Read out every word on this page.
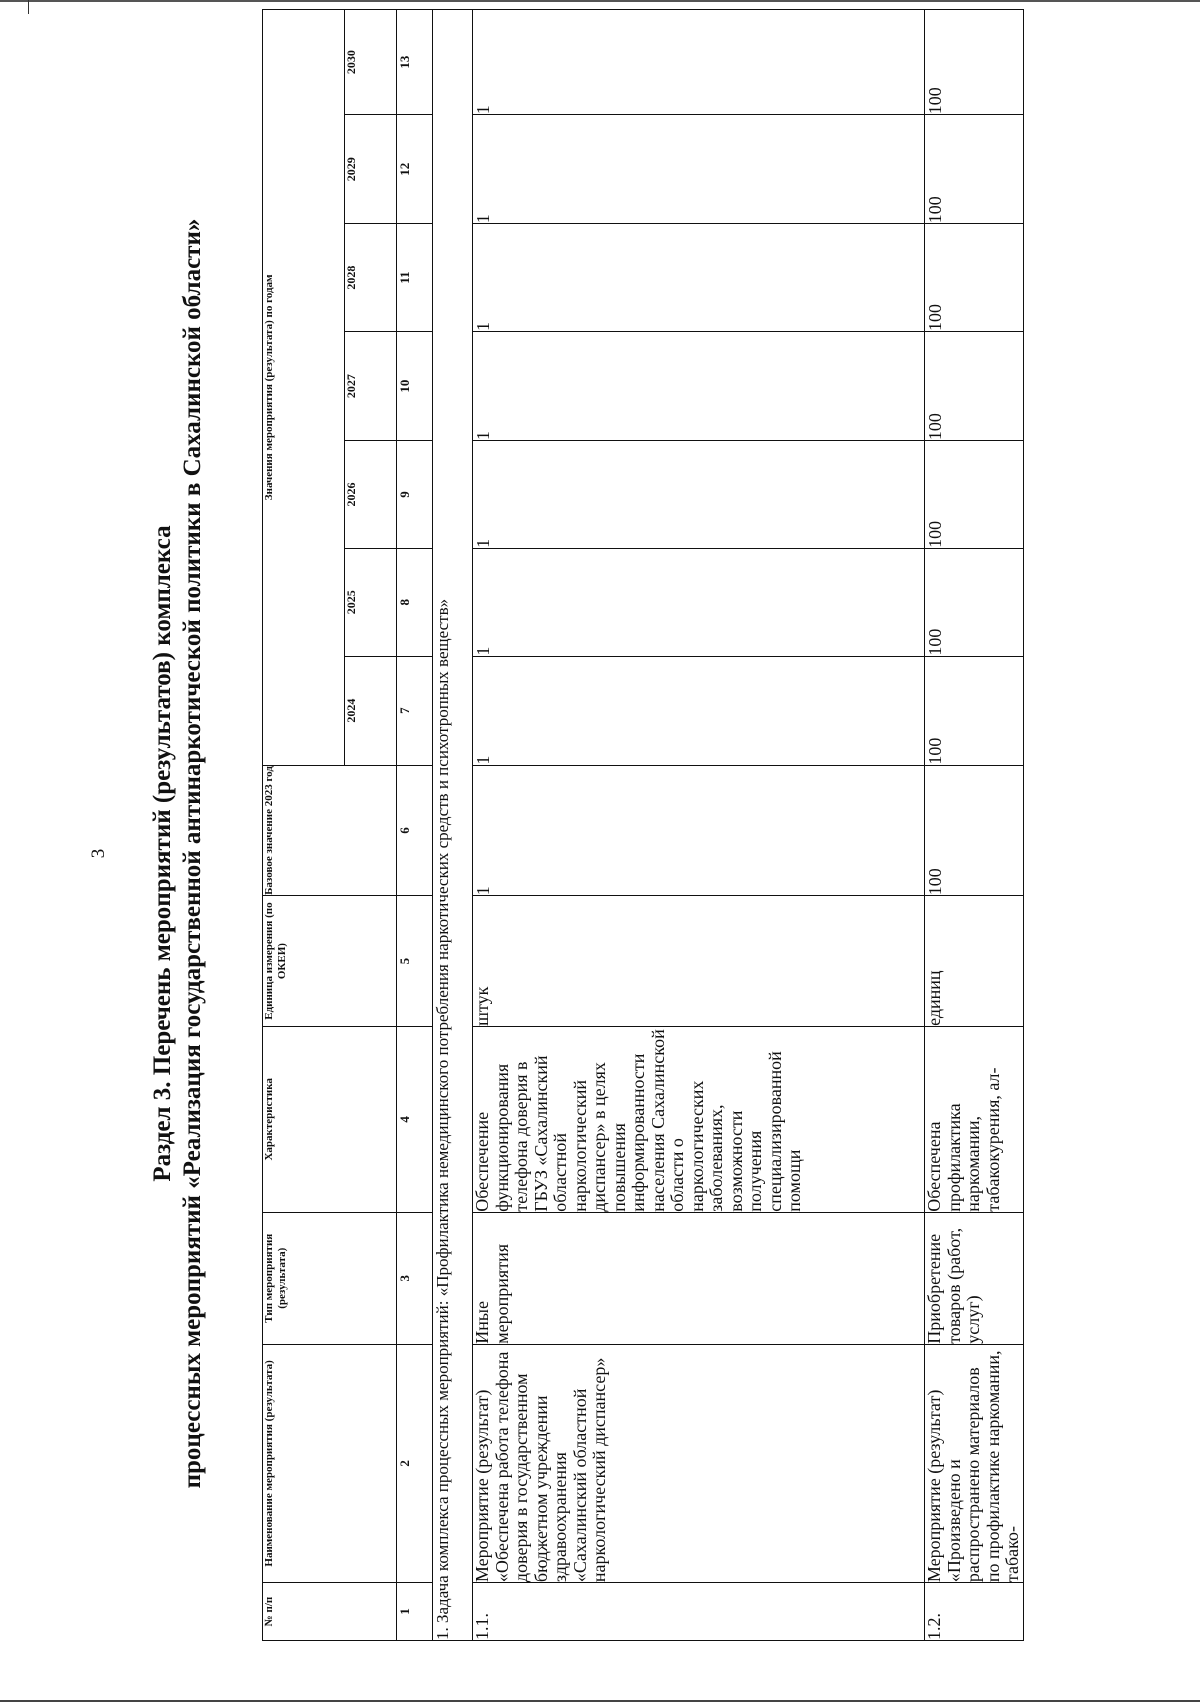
3 Раздел 3. Перечень мероприятий (результатов) комплекса процессных мероприятий «Реализация государственной антинаркотической политики в Сахалинской области»
№ п/п	Наименование мероприятия (результата)	Тип мероприятия (результата)	Характеристика	Единица измерения (по ОКЕИ)	Базовое значение 2023 год	Значения мероприятия (результата) по годам						
						2024	2025	2026	2027	2028	2029	2030
1	2	3	4	5	6	7	8	9	10	11	12	13
1. Задача комплекса процессных мероприятий: «Профилактика немедицинского потребления наркотических средств и психотропных веществ»												
1.1.	Мероприятие (результат) «Обеспечена работа телефона доверия в государственном бюджетном учреждении здравоохранения «Сахалинский областной наркологический диспансер»	Иные мероприятия	Обеспечение функционирования телефона доверия в ГБУЗ «Сахалинский областной наркологический диспансер» в целях повышения информированности населения Сахалинской области о наркологических заболеваниях, возможности получения специализированной помощи	штук	1	1	1	1	1	1	1	1
1.2.	Мероприятие (результат) «Произведено и распространено материалов по профилактике наркомании, табако-	Приобретение товаров (работ, услуг)	Обеспечена профилактика наркомании, табакокурения, ал-	единиц	100	100	100	100	100	100	100	100
